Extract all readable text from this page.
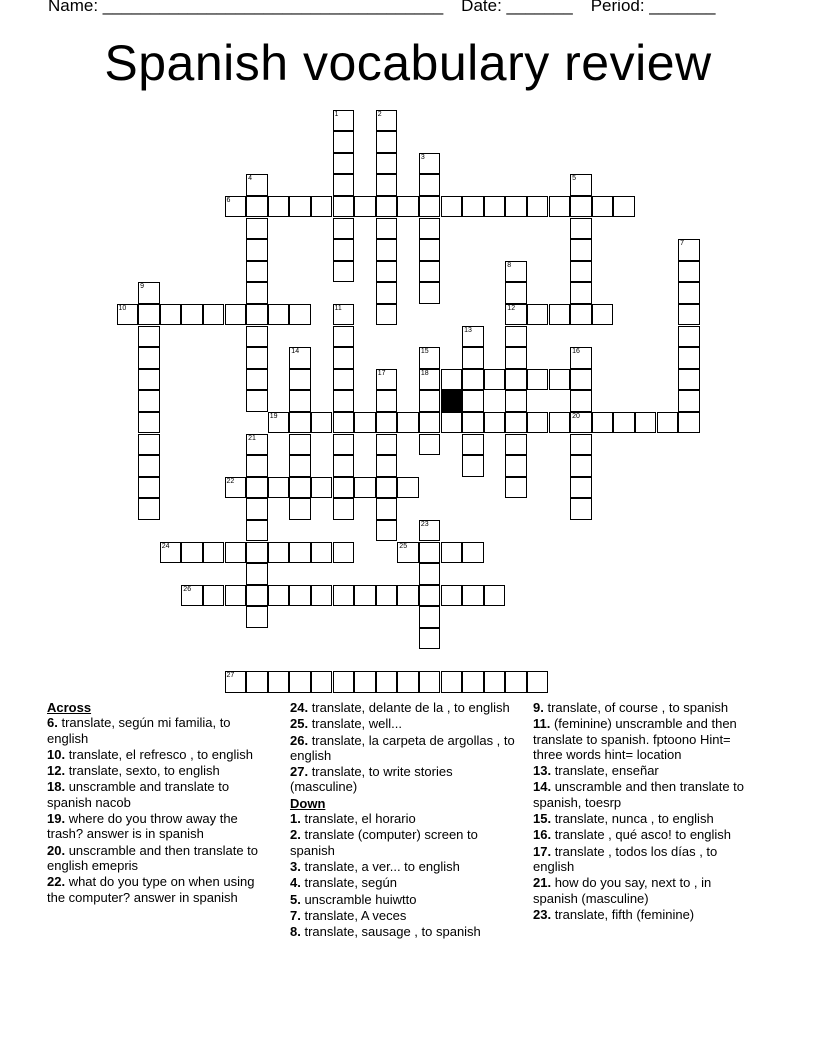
Name: ____________________________________ Date: _______ Period: _______
Spanish vocabulary review
6
10	12
18
19	20
22
24	25
26
27
1	2
3
4	5
7
8
9
11
13
14	15	16
17
21
23
Across
6. translate, según mi familia, to english
10. translate, el refresco , to english
12. translate, sexto, to english
18. unscramble and translate to spanish nacob
19. where do you throw away the trash? answer is in spanish
20. unscramble and then translate to english emepris
22. what do you type on when using the computer? answer in spanish
24. translate, delante de la , to english
25. translate, well...
26. translate, la carpeta de argollas , to english
27. translate, to write stories (masculine)
Down
1. translate, el horario
2. translate (computer) screen to spanish
3. translate, a ver... to english
4. translate, según
5. unscramble huiwtto
7. translate, A veces
8. translate, sausage , to spanish
9. translate, of course , to spanish
11. (feminine) unscramble and then translate to spanish. fptoono Hint= three words hint= location
13. translate, enseñar
14. unscramble and then translate to spanish, toesrp
15. translate, nunca , to english
16. translate , qué asco! to english
17. translate , todos los días , to english
21. how do you say, next to , in spanish (masculine)
23. translate, fifth (feminine)
